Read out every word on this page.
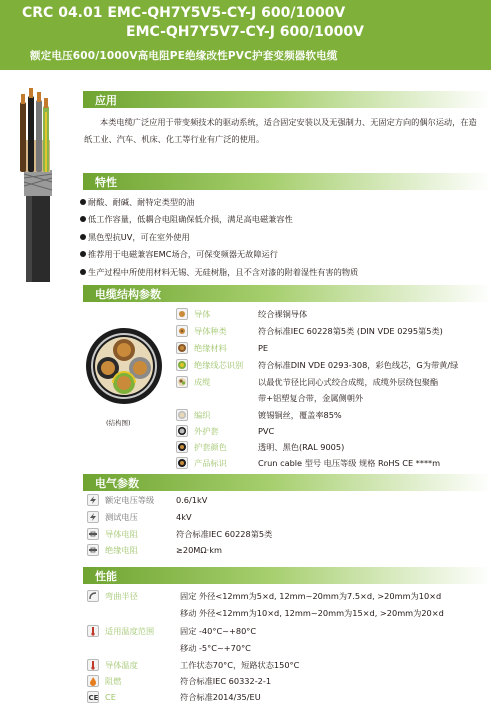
CRC 04.01 EMC-QH7Y5V5-CY-J 600/1000V
EMC-QH7Y5V7-CY-J 600/1000V
额定电压600/1000V高电阻PE绝缘改性PVC护套变频器软电缆
应用
本类电缆广泛应用于带变频技术的驱动系统，适合固定安装以及无强制力、无固定方向的偶尔运动，在造纸工业、汽车、机床、化工等行业有广泛的使用。
特性
耐酸、耐碱、耐特定类型的油
低工作容量，低耦合电阻确保低介损，满足高电磁兼容性
黑色型抗UV，可在室外使用
推荐用于电磁兼容EMC场合，可保变频器无故障运行
生产过程中所使用材料无锡、无硅树脂，且不含对漆的附着湿性有害的物质
电缆结构参数
(结构图)
导体	绞合裸铜导体
导体种类	符合标准IEC 60228第5类 (DIN VDE 0295第5类)
绝缘材料	PE
绝缘线芯识别 符合标准DIN VDE 0293-308，彩色线芯，G为带黄/绿
成缆	以最优节径比同心式绞合成缆，成缆外层绕包聚酯
带+铝塑复合带，金属侧朝外
编织	镀锡铜丝，覆盖率85%
外护套	PVC
护套颜色	透明、黑色(RAL 9005)
产品标识	Crun cable 型号 电压等级 规格 RoHS CE ****m
电气参数
额定电压等级	0.6/1kV
测试电压	4kV
导体电阻	符合标准IEC 60228第5类
绝缘电阻	≥20MΩ·km
性能
弯曲半径	固定 外径<12mm为5×d, 12mm~20mm为7.5×d, >20mm为10×d
移动 外径<12mm为10×d, 12mm~20mm为15×d, >20mm为20×d
适用温度范围	固定 -40°C~+80°C
移动 -5°C~+70°C
导体温度	工作状态70°C，短路状态150°C
阻燃	符合标准IEC 60332-2-1
CE CE	符合标准2014/35/EU
